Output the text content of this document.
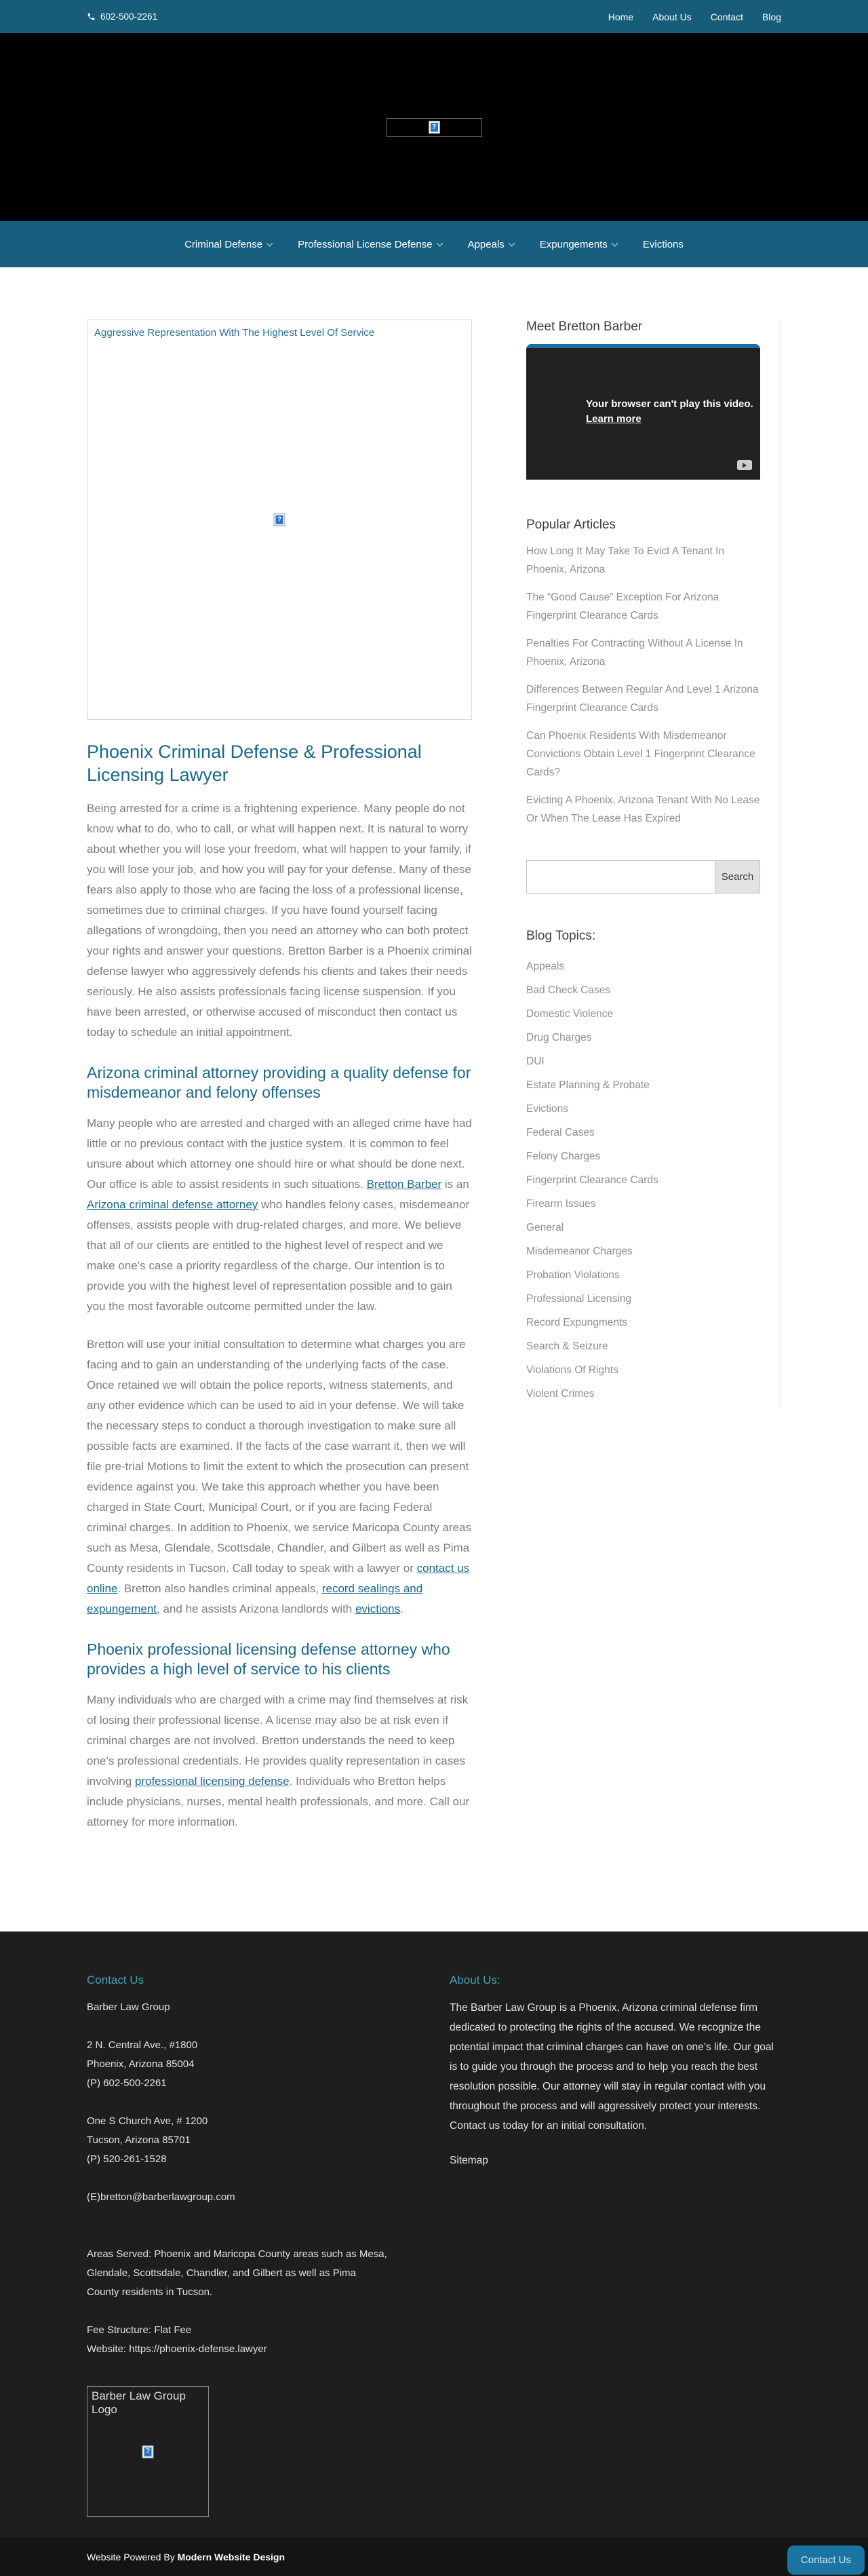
602-500-2261	Home About Us Contact Blog
?
Criminal Defense	Professional License Defense	Appeals	Expungements	Evictions
Aggressive Representation With The Highest Level Of Service
?
Phoenix Criminal Defense & Professional Licensing Lawyer

Being arrested for a crime is a frightening experience. Many people do not know what to do, who to call, or what will happen next. It is natural to worry about whether you will lose your freedom, what will happen to your family, if you will lose your job, and how you will pay for your defense. Many of these fears also apply to those who are facing the loss of a professional license, sometimes due to criminal charges. If you have found yourself facing allegations of wrongdoing, then you need an attorney who can both protect your rights and answer your questions. Bretton Barber is a Phoenix criminal defense lawyer who aggressively defends his clients and takes their needs seriously. He also assists professionals facing license suspension. If you have been arrested, or otherwise accused of misconduct then contact us today to schedule an initial appointment.

Arizona criminal attorney providing a quality defense for misdemeanor and felony offenses

Many people who are arrested and charged with an alleged crime have had little or no previous contact with the justice system. It is common to feel unsure about which attorney one should hire or what should be done next. Our office is able to assist residents in such situations. Bretton Barber is an Arizona criminal defense attorney who handles felony cases, misdemeanor offenses, assists people with drug-related charges, and more. We believe that all of our clients are entitled to the highest level of respect and we make one’s case a priority regardless of the charge. Our intention is to provide you with the highest level of representation possible and to gain you the most favorable outcome permitted under the law.

Bretton will use your initial consultation to determine what charges you are facing and to gain an understanding of the underlying facts of the case. Once retained we will obtain the police reports, witness statements, and any other evidence which can be used to aid in your defense. We will take the necessary steps to conduct a thorough investigation to make sure all possible facts are examined. If the facts of the case warrant it, then we will file pre-trial Motions to limit the extent to which the prosecution can present evidence against you. We take this approach whether you have been charged in State Court, Municipal Court, or if you are facing Federal criminal charges. In addition to Phoenix, we service Maricopa County areas such as Mesa, Glendale, Scottsdale, Chandler, and Gilbert as well as Pima County residents in Tucson. Call today to speak with a lawyer or contact us online. Bretton also handles criminal appeals, record sealings and expungement, and he assists Arizona landlords with evictions.

Phoenix professional licensing defense attorney who provides a high level of service to his clients

Many individuals who are charged with a crime may find themselves at risk of losing their professional license. A license may also be at risk even if criminal charges are not involved. Bretton understands the need to keep one’s professional credentials. He provides quality representation in cases involving professional licensing defense. Individuals who Bretton helps include physicians, nurses, mental health professionals, and more. Call our attorney for more information.

Meet Bretton Barber
Your browser can't play this video.
Learn more
Popular Articles
How Long It May Take To Evict A Tenant In Phoenix, Arizona
The “Good Cause” Exception For Arizona Fingerprint Clearance Cards
Penalties For Contracting Without A License In Phoenix, Arizona
Differences Between Regular And Level 1 Arizona Fingerprint Clearance Cards
Can Phoenix Residents With Misdemeanor Convictions Obtain Level 1 Fingerprint Clearance Cards?
Evicting A Phoenix, Arizona Tenant With No Lease Or When The Lease Has Expired
Search
Blog Topics:
Appeals
Bad Check Cases
Domestic Violence
Drug Charges
DUI
Estate Planning & Probate
Evictions
Federal Cases
Felony Charges
Fingerprint Clearance Cards
Firearm Issues
General
Misdemeanor Charges
Probation Violations
Professional Licensing
Record Expungments
Search & Seizure
Violations Of Rights
Violent Crimes
Contact Us

Barber Law Group

2 N. Central Ave., #1800

Phoenix, Arizona 85004

(P) 602-500-2261

One S Church Ave, # 1200

Tucson, Arizona 85701

(P) 520-261-1528

(E)bretton@barberlawgroup.com

Areas Served: Phoenix and Maricopa County areas such as Mesa, Glendale, Scottsdale, Chandler, and Gilbert as well as Pima County residents in Tucson.

Fee Structure: Flat Fee

Website: https://phoenix-defense.lawyer

Barber Law Group Logo
?
About Us:

The Barber Law Group is a Phoenix, Arizona criminal defense firm dedicated to protecting the rights of the accused. We recognize the potential impact that criminal charges can have on one’s life. Our goal is to guide you through the process and to help you reach the best resolution possible. Our attorney will stay in regular contact with you throughout the process and will aggressively protect your interests. Contact us today for an initial consultation.

Sitemap
Website Powered By Modern Website Design	Contact Us
